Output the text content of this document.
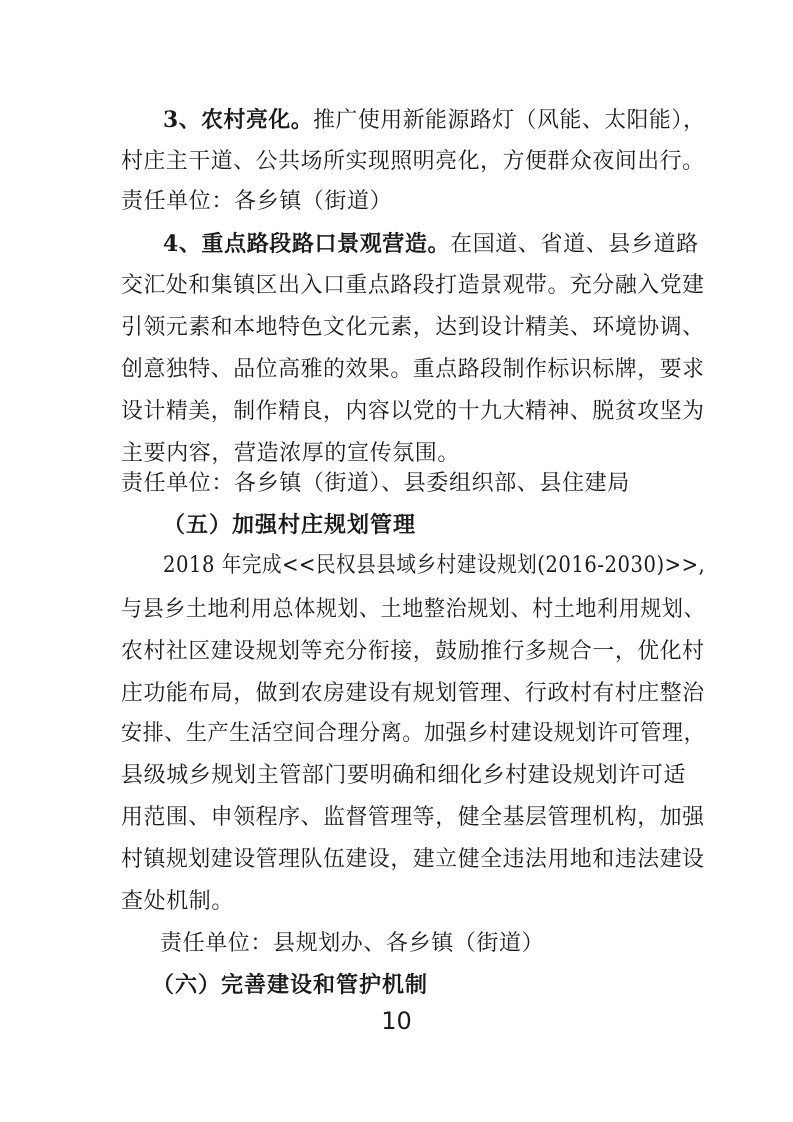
3、农村亮化。推广使用新能源路灯（风能、太阳能），
村庄主干道、公共场所实现照明亮化，方便群众夜间出行。
责任单位：各乡镇（街道）
4、重点路段路口景观营造。在国道、省道、县乡道路
交汇处和集镇区出入口重点路段打造景观带。充分融入党建
引领元素和本地特色文化元素，达到设计精美、环境协调、
创意独特、品位高雅的效果。重点路段制作标识标牌，要求
设计精美，制作精良，内容以党的十九大精神、脱贫攻坚为
主要内容，营造浓厚的宣传氛围。
责任单位：各乡镇（街道）、县委组织部、县住建局
（五）加强村庄规划管理
2018 年完成<<民权县县域乡村建设规划(2016-2030)>>,
与县乡土地利用总体规划、土地整治规划、村土地利用规划、
农村社区建设规划等充分衔接，鼓励推行多规合一，优化村
庄功能布局，做到农房建设有规划管理、行政村有村庄整治
安排、生产生活空间合理分离。加强乡村建设规划许可管理，
县级城乡规划主管部门要明确和细化乡村建设规划许可适
用范围、申领程序、监督管理等，健全基层管理机构，加强
村镇规划建设管理队伍建设，建立健全违法用地和违法建设
查处机制。
责任单位：县规划办、各乡镇（街道）
（六）完善建设和管护机制
10
